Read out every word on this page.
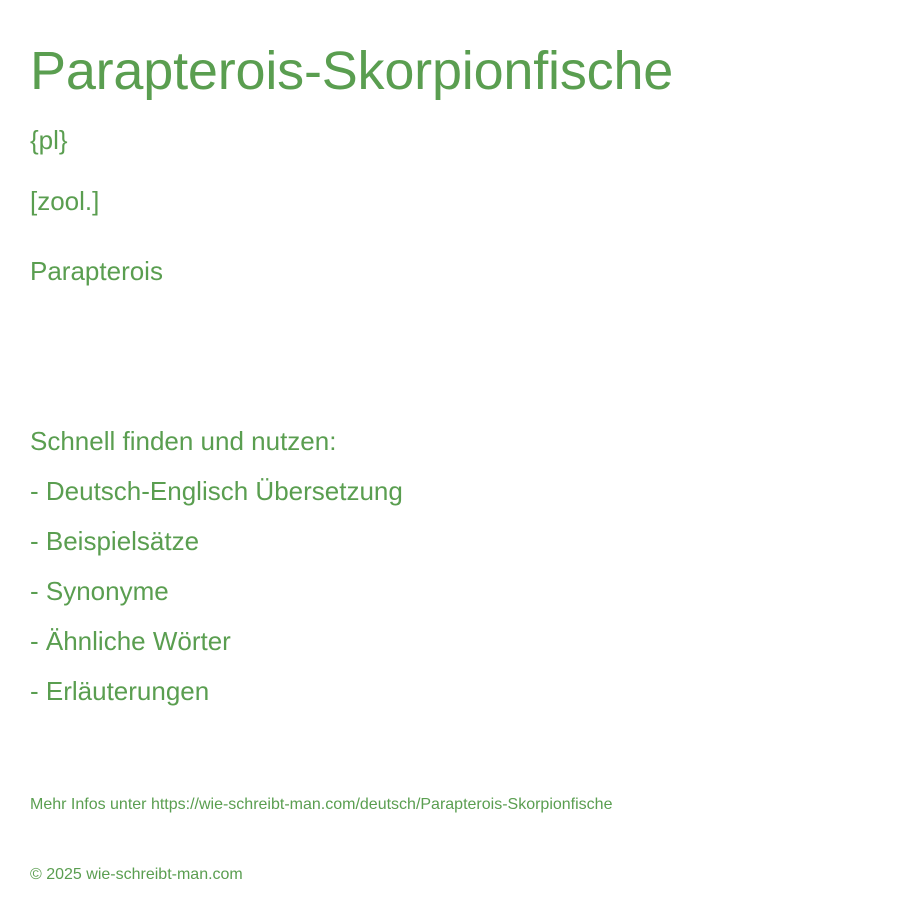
Parapterois-Skorpionfische
{pl}
[zool.]
Parapterois
Schnell finden und nutzen:
- Deutsch-Englisch Übersetzung
- Beispielsätze
- Synonyme
- Ähnliche Wörter
- Erläuterungen
Mehr Infos unter https://wie-schreibt-man.com/deutsch/Parapterois-Skorpionfische
© 2025 wie-schreibt-man.com
